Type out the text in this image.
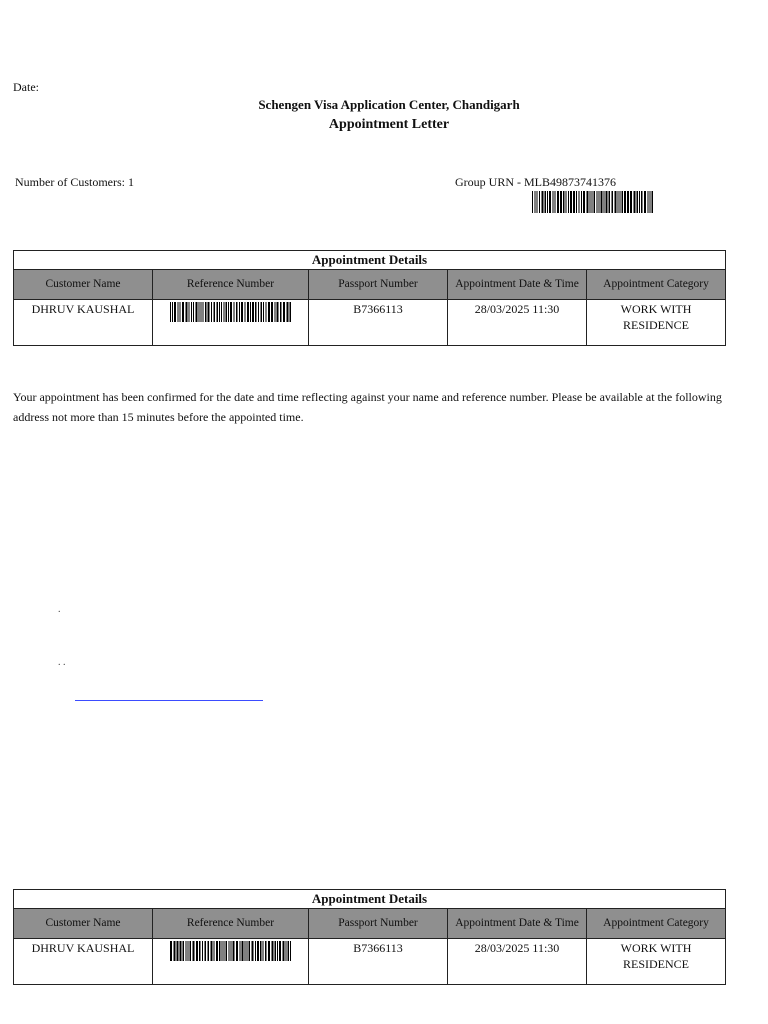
Date:
Schengen Visa Application Center, Chandigarh
Appointment Letter
Number of Customers: 1	Group URN - MLB49873741376
Appointment Details				
Customer Name	Reference Number	Passport Number	Appointment Date & Time	Appointment Category
DHRUV KAUSHAL		B7366113	28/03/2025 11:30	WORK WITH
RESIDENCE
Your appointment has been confirmed for the date and time reflecting against your name and reference number. Please be available at the following address not more than 15 minutes before the appointed time.
.
. .
Appointment Details				
Customer Name	Reference Number	Passport Number	Appointment Date & Time	Appointment Category
DHRUV KAUSHAL		B7366113	28/03/2025 11:30	WORK WITH
RESIDENCE
